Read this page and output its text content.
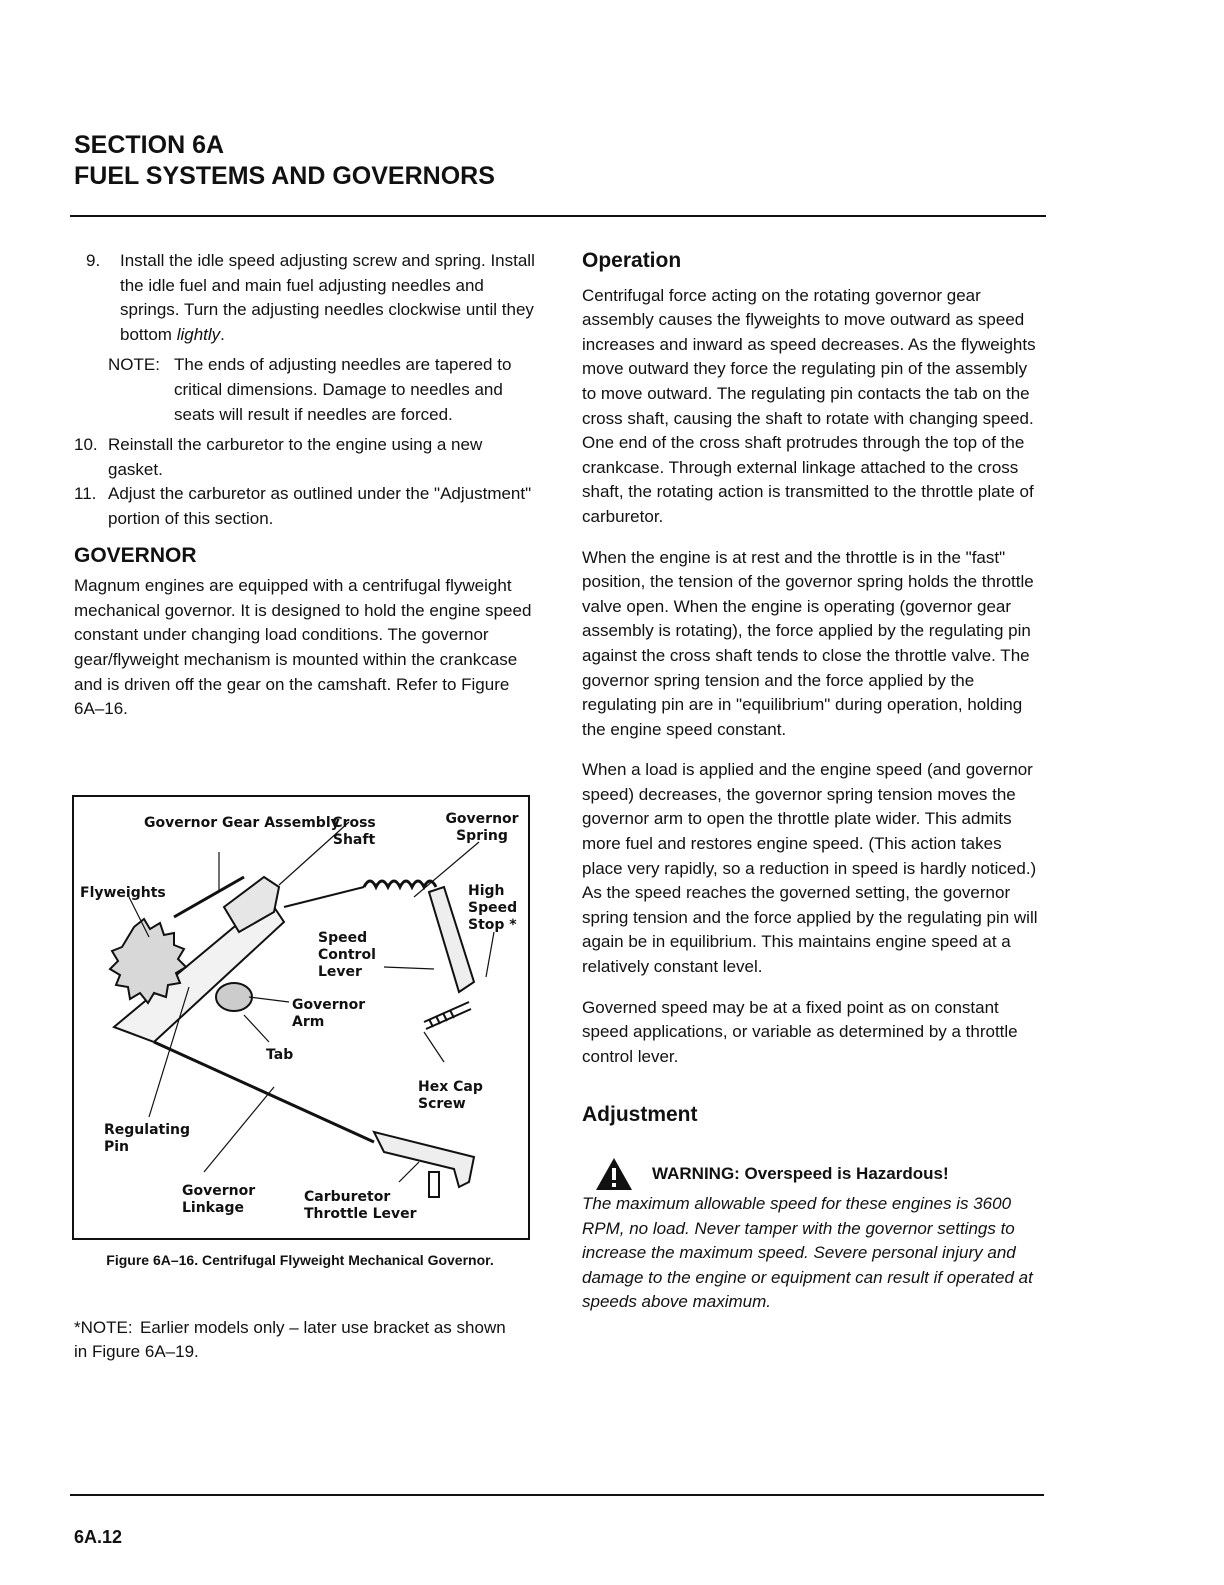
SECTION 6A
FUEL SYSTEMS AND GOVERNORS
9.	Install the idle speed adjusting screw and spring. Install the idle fuel and main fuel adjusting needles and springs. Turn the adjusting needles clockwise until they bottom lightly.
NOTE: The ends of adjusting needles are tapered to critical dimensions. Damage to needles and seats will result if needles are forced.
10. Reinstall the carburetor to the engine using a new gasket.
11. Adjust the carburetor as outlined under the "Adjustment" portion of this section.
GOVERNOR

Magnum engines are equipped with a centrifugal flyweight mechanical governor. It is designed to hold the engine speed constant under changing load conditions. The governor gear/flyweight mechanism is mounted within the crankcase and is driven off the gear on the camshaft. Refer to Figure 6A–16.

Governor Gear Assembly
Cross Shaft
Governor Spring
Flyweights	High Speed Stop *
Speed Control Lever
Governor Arm
Tab
Hex Cap Screw
Regulating Pin
Governor Linkage
Carburetor Throttle Lever
Figure 6A–16. Centrifugal Flyweight Mechanical Governor.
*NOTE: Earlier models only – later use bracket as shown in Figure 6A–19.
Operation

Centrifugal force acting on the rotating governor gear assembly causes the flyweights to move outward as speed increases and inward as speed decreases. As the flyweights move outward they force the regulating pin of the assembly to move outward. The regulating pin contacts the tab on the cross shaft, causing the shaft to rotate with changing speed. One end of the cross shaft protrudes through the top of the crankcase. Through external linkage attached to the cross shaft, the rotating action is transmitted to the throttle plate of carburetor.

When the engine is at rest and the throttle is in the "fast" position, the tension of the governor spring holds the throttle valve open. When the engine is operating (governor gear assembly is rotating), the force applied by the regulating pin against the cross shaft tends to close the throttle valve. The governor spring tension and the force applied by the regulating pin are in "equilibrium" during operation, holding the engine speed constant.

When a load is applied and the engine speed (and governor speed) decreases, the governor spring tension moves the governor arm to open the throttle plate wider. This admits more fuel and restores engine speed. (This action takes place very rapidly, so a reduction in speed is hardly noticed.) As the speed reaches the governed setting, the governor spring tension and the force applied by the regulating pin will again be in equilibrium. This maintains engine speed at a relatively constant level.

Governed speed may be at a fixed point as on constant speed applications, or variable as determined by a throttle control lever.

Adjustment
WARNING: Overspeed is Hazardous!

The maximum allowable speed for these engines is 3600 RPM, no load. Never tamper with the governor settings to increase the maximum speed. Severe personal injury and damage to the engine or equipment can result if operated at speeds above maximum.

6A.12
